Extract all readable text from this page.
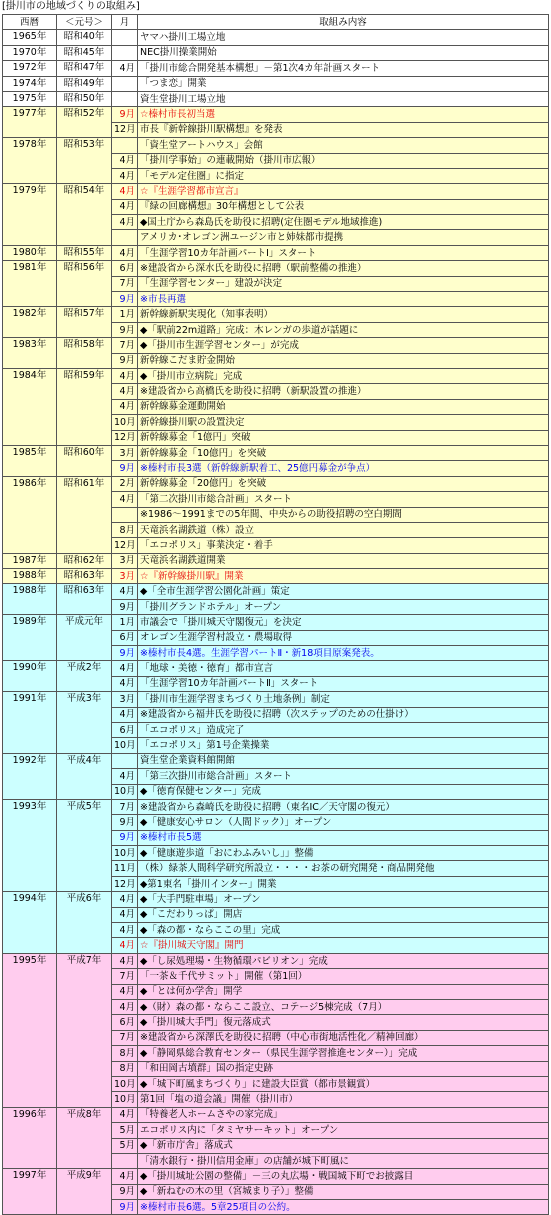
[掛川市の地域づくりの取組み]
西暦	＜元号＞	月	取組み内容
1965年	昭和40年		ヤマハ掛川工場立地
1970年	昭和45年		NEC掛川操業開始
1972年	昭和47年	4月	「掛川市総合開発基本構想」－第1次4カ年計画スタート
1974年	昭和49年		「つま恋」開業
1975年	昭和50年		資生堂掛川工場立地
1977年	昭和52年	9月	☆榛村市長初当選
		12月	市長『新幹線掛川駅構想』を発表
1978年	昭和53年		「資生堂アートハウス」会館
		4月	「掛川学事始」の連載開始（掛川市広報）
		4月	「モデル定住圏」に指定
1979年	昭和54年	4月	☆『生涯学習都市宣言』
		4月	『緑の回廊構想』30年構想として公表
		4月	◆国土庁から森島氏を助役に招聘(定住圏モデル地域推進)
			アメリカ･オレゴン洲ユージン市と姉妹都市提携
1980年	昭和55年	4月	「生涯学習10カ年計画パートⅠ」スタート
1981年	昭和56年	6月	※建設省から深水氏を助役に招聘（駅前整備の推進）
		7月	「生涯学習センター」建設が決定
		9月	※市長再選
1982年	昭和57年	1月	新幹線新駅実現化（知事表明）
		9月	◆「駅前22m道路」完成：木レンガの歩道が話題に
1983年	昭和58年	7月	◆「掛川市生涯学習センター」が完成
		9月	新幹線こだま貯金開始
1984年	昭和59年	4月	◆「掛川市立病院」完成
		4月	※建設省から高橋氏を助役に招聘（新駅設置の推進）
		4月	新幹線募金運動開始
		10月	新幹線掛川駅の設置決定
		12月	新幹線募金「1億円」突破
1985年	昭和60年	3月	新幹線募金「10億円」を突破
		9月	※榛村市長3選（新幹線新駅着工、25億円募金が争点）
1986年	昭和61年	2月	新幹線募金「20億円」を突破
		4月	「第二次掛川市総合計画」スタート
			※1986～1991までの5年間、中央からの助役招聘の空白期間
		8月	天竜浜名湖鉄道（株）設立
		12月	「エコポリス」事業決定・着手
1987年	昭和62年	3月	天竜浜名湖鉄道開業
1988年	昭和63年	3月	☆『新幹線掛川駅』開業
1988年	昭和63年	4月	◆「全市生涯学習公園化計画」策定
		9月	「掛川グランドホテル」オープン
1989年	平成元年	1月	市議会で「掛川城天守閣復元」を決定
		6月	オレゴン生涯学習村設立・農場取得
		9月	※榛村市長4選。生涯学習パートⅡ・新18項目原案発表。
1990年	平成2年	4月	「地球・美徳・徳育」都市宣言
		4月	「生涯学習10カ年計画パートⅡ」スタート
1991年	平成3年	3月	「掛川市生涯学習まちづくり土地条例」制定
		4月	※建設省から福井氏を助役に招聘（次ステップのための仕掛け）
		6月	「エコポリス」造成完了
		10月	「エコポリス」第1号企業操業
1992年	平成4年		資生堂企業資料館開館
		4月	「第三次掛川市総合計画」スタート
		10月	◆「徳育保健センター」完成
1993年	平成5年	7月	※建設省から森崎氏を助役に招聘（東名IC／天守閣の復元）
		9月	◆「健康安心サロン（人間ドック）」オープン
		9月	※榛村市長5選
		10月	◆「健康遊歩道「おにわふみいし」」整備
		11月	（株）緑茶人間科学研究所設立・・・・お茶の研究開発・商品開発他
		12月	◆第1東名「掛川インター」開業
1994年	平成6年	4月	◆「大手門駐車場」オープン
		4月	◆「こだわりっぱ」開店
		4月	◆「森の都・ならここの里」完成
		4月	☆『掛川城天守閣』開門
1995年	平成7年	4月	◆「し尿処理場・生物循環パビリオン」完成
		7月	「一茶＆千代サミット」開催（第1回）
		4月	◆「とは何か学舎」開学
		4月	◆（財）森の都・ならここ設立、コテージ5棟完成（7月）
		6月	◆「掛川城大手門」復元落成式
		7月	※建設省から深澤氏を助役に招聘（中心市街地活性化／精神回廊）
		8月	◆「静岡県総合教育センター（県民生涯学習推進センター）」完成
		8月	「和田岡古墳群」国の指定史跡
		10月	◆「城下町風まちづくり」に建設大臣賞（都市景観賞）
		10月	第1回「塩の道会議」開催（掛川市）
1996年	平成8年	4月	「特養老人ホームさやの家完成」
		5月	エコポリス内に「タミヤサーキット」オープン
		5月	◆「新市庁舎」落成式
			「清水銀行・掛川信用金庫」の店舗が城下町風に
1997年	平成9年	4月	◆「掛川城址公園の整備」－三の丸広場・戦国城下町でお披露目
		9月	◆「新ねむの木の里（宮城まり子）」整備
		9月	※榛村市長6選。5章25項目の公約。
